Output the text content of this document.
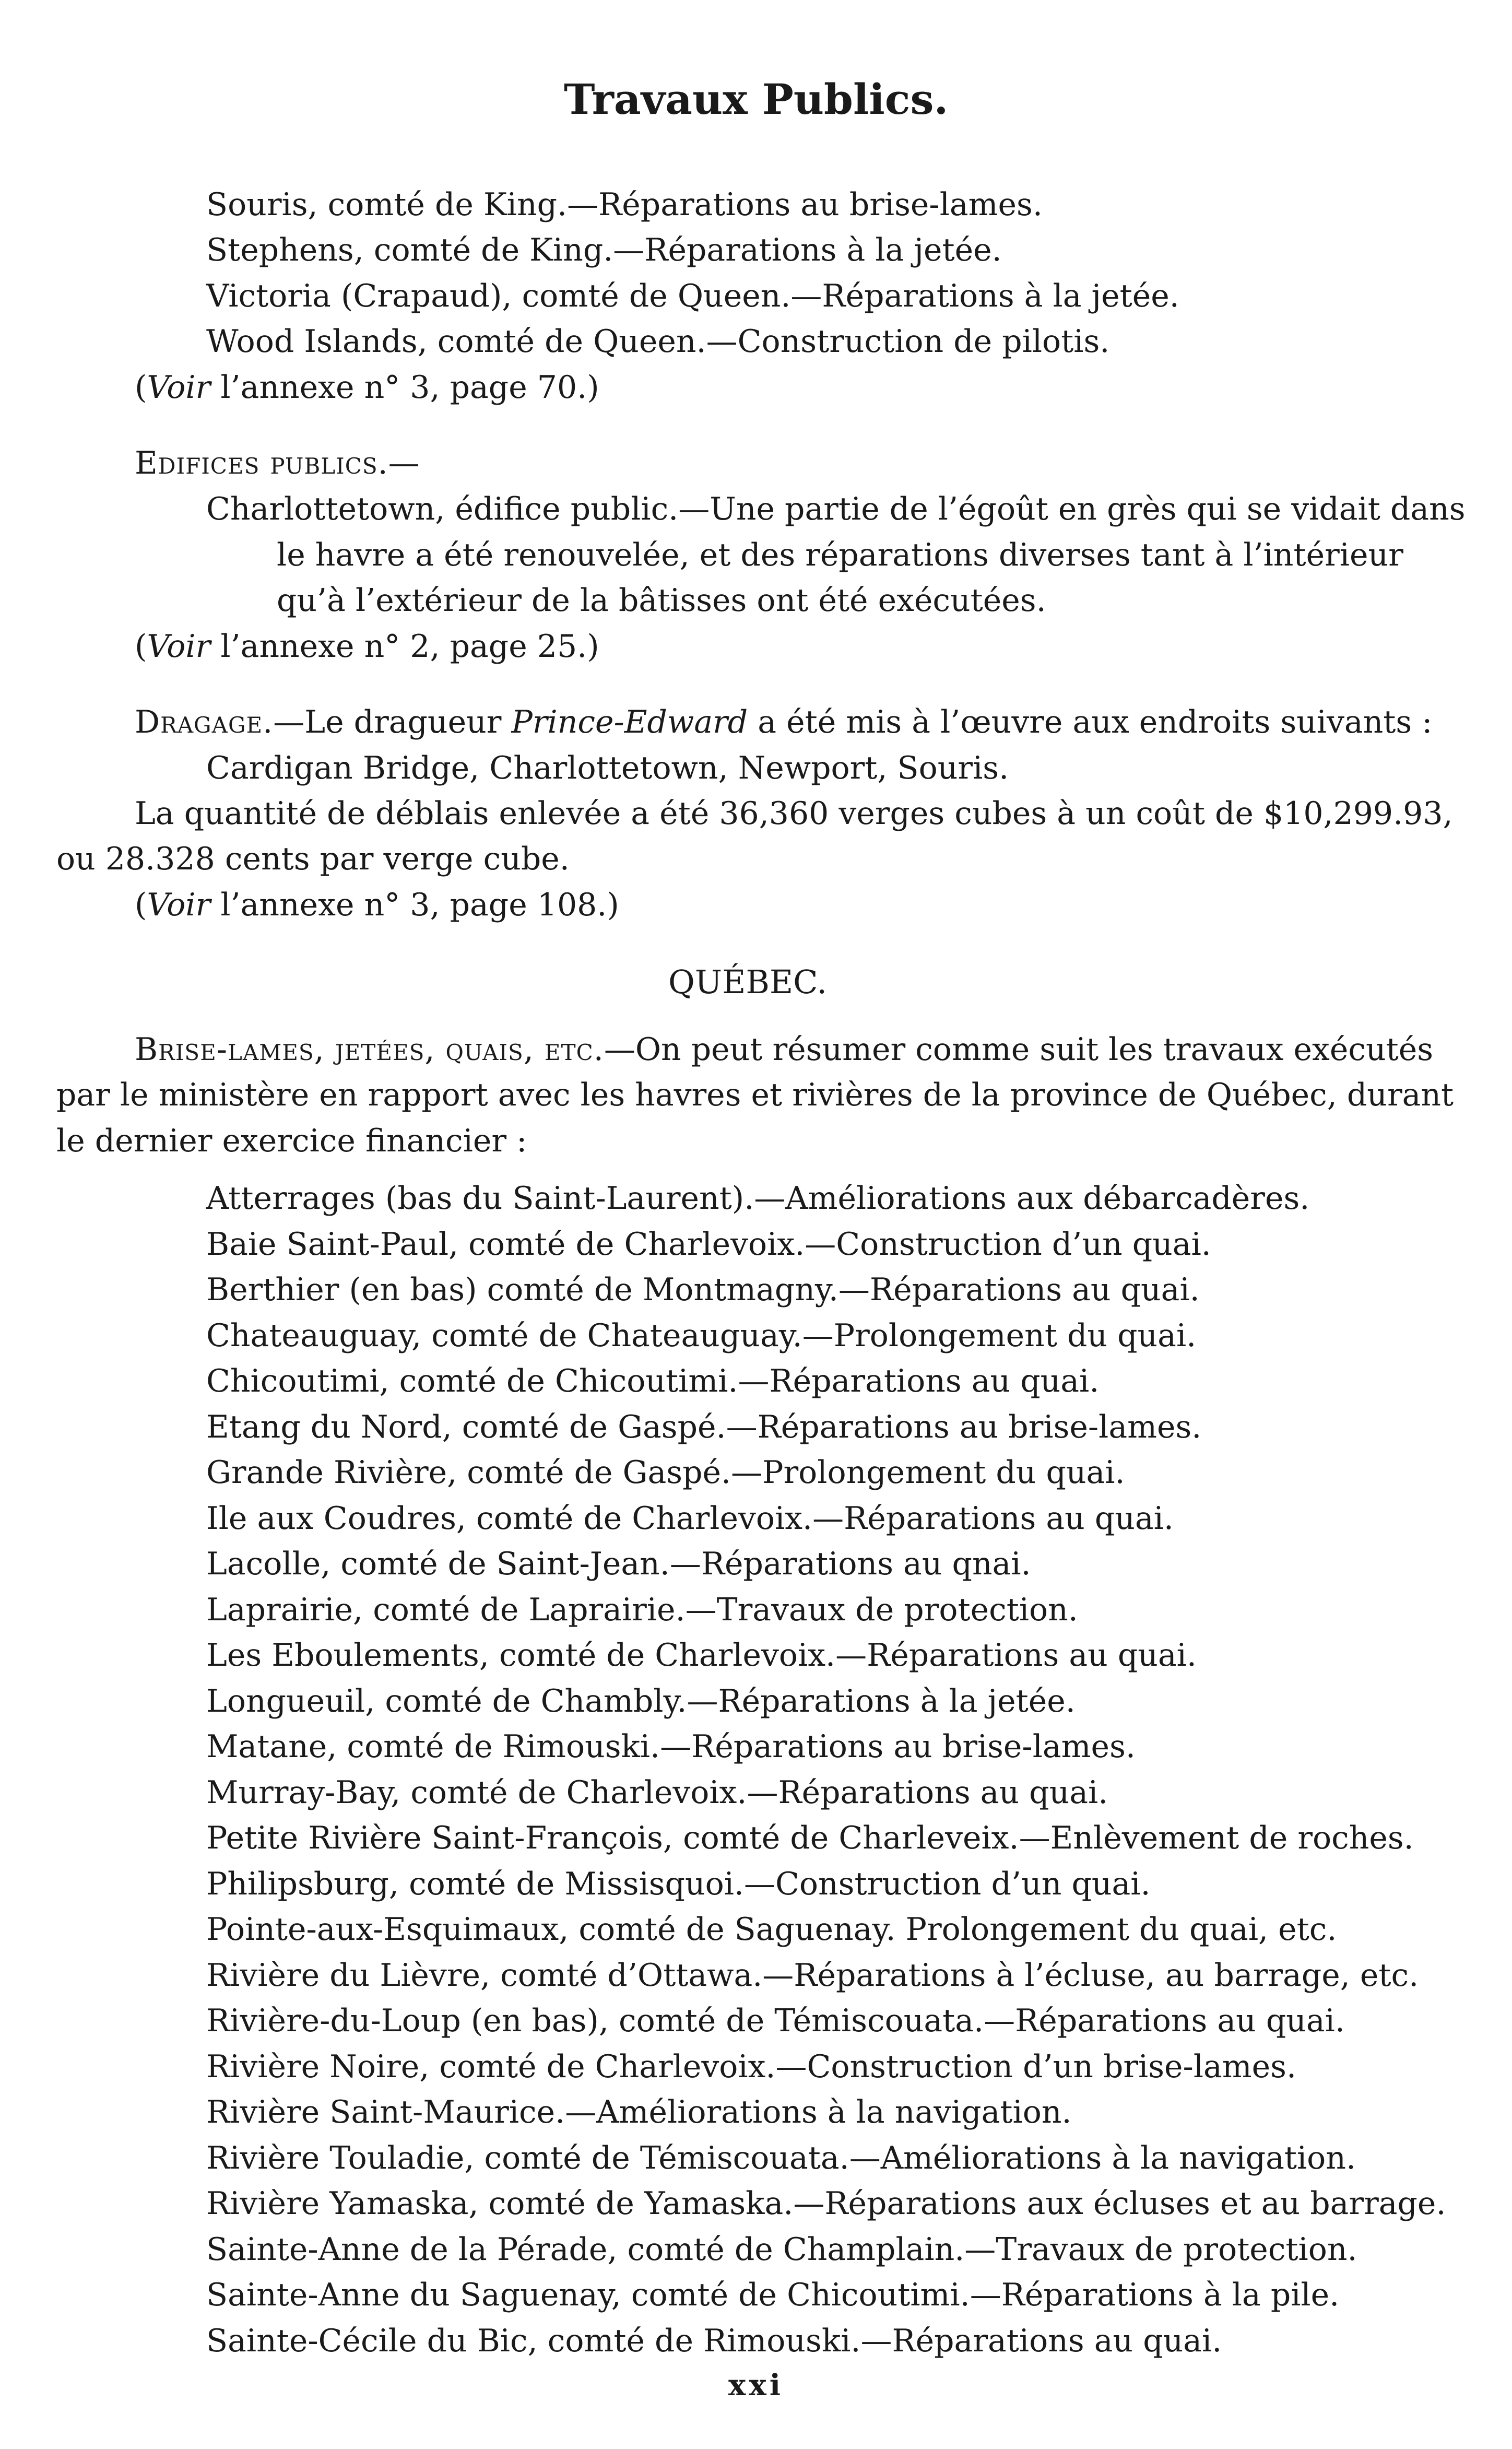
Travaux Publics.
Souris, comté de King.—Réparations au brise-lames.
Stephens, comté de King.—Réparations à la jetée.
Victoria (Crapaud), comté de Queen.—Réparations à la jetée.
Wood Islands, comté de Queen.—Construction de pilotis.
(Voir l’annexe n° 3, page 70.)
Edifices publics.—
Charlottetown, édifice public.—Une partie de l’égoût en grès qui se vidait dans
le havre a été renouvelée, et des réparations diverses tant à l’intérieur
qu’à l’extérieur de la bâtisses ont été exécutées.
(Voir l’annexe n° 2, page 25.)
Dragage.—Le dragueur Prince-Edward a été mis à l’œuvre aux endroits suivants :
Cardigan Bridge, Charlottetown, Newport, Souris.
La quantité de déblais enlevée a été 36,360 verges cubes à un coût de $10,299.93,
ou 28.328 cents par verge cube.
(Voir l’annexe n° 3, page 108.)
QUÉBEC.
Brise-lames, jetées, quais, etc.—On peut résumer comme suit les travaux exécutés
par le ministère en rapport avec les havres et rivières de la province de Québec, durant
le dernier exercice financier :
Atterrages (bas du Saint-Laurent).—Améliorations aux débarcadères.
Baie Saint-Paul, comté de Charlevoix.—Construction d’un quai.
Berthier (en bas) comté de Montmagny.—Réparations au quai.
Chateauguay, comté de Chateauguay.—Prolongement du quai.
Chicoutimi, comté de Chicoutimi.—Réparations au quai.
Etang du Nord, comté de Gaspé.—Réparations au brise-lames.
Grande Rivière, comté de Gaspé.—Prolongement du quai.
Ile aux Coudres, comté de Charlevoix.—Réparations au quai.
Lacolle, comté de Saint-Jean.—Réparations au qnai.
Laprairie, comté de Laprairie.—Travaux de protection.
Les Eboulements, comté de Charlevoix.—Réparations au quai.
Longueuil, comté de Chambly.—Réparations à la jetée.
Matane, comté de Rimouski.—Réparations au brise-lames.
Murray-Bay, comté de Charlevoix.—Réparations au quai.
Petite Rivière Saint-François, comté de Charleveix.—Enlèvement de roches.
Philipsburg, comté de Missisquoi.—Construction d’un quai.
Pointe-aux-Esquimaux, comté de Saguenay. Prolongement du quai, etc.
Rivière du Lièvre, comté d’Ottawa.—Réparations à l’écluse, au barrage, etc.
Rivière-du-Loup (en bas), comté de Témiscouata.—Réparations au quai.
Rivière Noire, comté de Charlevoix.—Construction d’un brise-lames.
Rivière Saint-Maurice.—Améliorations à la navigation.
Rivière Touladie, comté de Témiscouata.—Améliorations à la navigation.
Rivière Yamaska, comté de Yamaska.—Réparations aux écluses et au barrage.
Sainte-Anne de la Pérade, comté de Champlain.—Travaux de protection.
Sainte-Anne du Saguenay, comté de Chicoutimi.—Réparations à la pile.
Sainte-Cécile du Bic, comté de Rimouski.—Réparations au quai.
xxi
